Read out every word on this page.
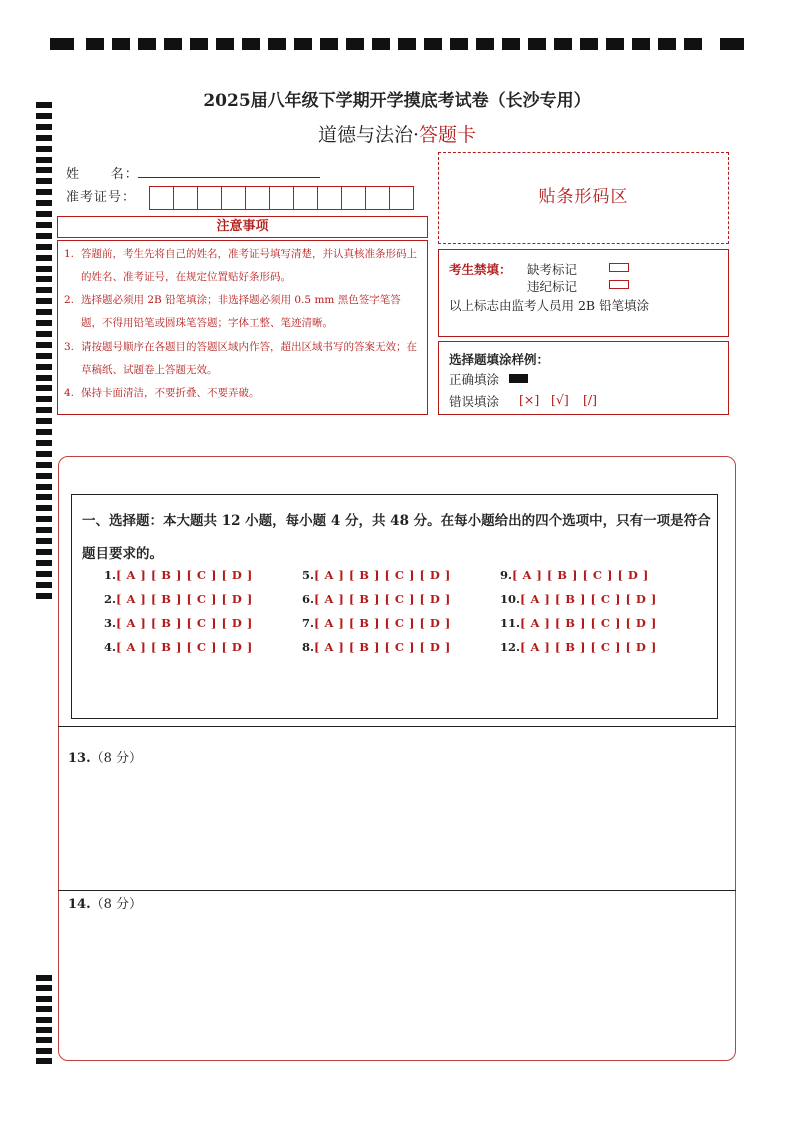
2025届八年级下学期开学摸底考试卷（长沙专用）
道德与法治·答题卡
姓      名：
准考证号：
注意事项
1. 答题前，考生先将自己的姓名，准考证号填写清楚，并认真核准条形码上的姓名、准考证号，在规定位置贴好条形码。
2. 选择题必须用 2B 铅笔填涂；非选择题必须用 0.5 mm 黑色签字笔答题，不得用铅笔或圆珠笔答题；字体工整、笔迹清晰。
3. 请按题号顺序在各题目的答题区域内作答，超出区域书写的答案无效；在草稿纸、试题卷上答题无效。
4. 保持卡面清洁，不要折叠、不要弄破。
贴条形码区
考生禁填： 缺考标记
违纪标记
以上标志由监考人员用 2B 铅笔填涂
选择题填涂样例：
正确填涂
错误填涂 [×] [√] [/]
一、选择题：本大题共 12 小题，每小题 4 分，共 48 分。在每小题给出的四个选项中，只有一项是符合题目要求的。
1.[ A ] [ B ] [ C ] [ D ]
2.[ A ] [ B ] [ C ] [ D ]
3.[ A ] [ B ] [ C ] [ D ]
4.[ A ] [ B ] [ C ] [ D ]
5.[ A ] [ B ] [ C ] [ D ]
6.[ A ] [ B ] [ C ] [ D ]
7.[ A ] [ B ] [ C ] [ D ]
8.[ A ] [ B ] [ C ] [ D ]
9.[ A ] [ B ] [ C ] [ D ]
10.[ A ] [ B ] [ C ] [ D ]
11.[ A ] [ B ] [ C ] [ D ]
12.[ A ] [ B ] [ C ] [ D ]
13.（8 分）
14.（8 分）
